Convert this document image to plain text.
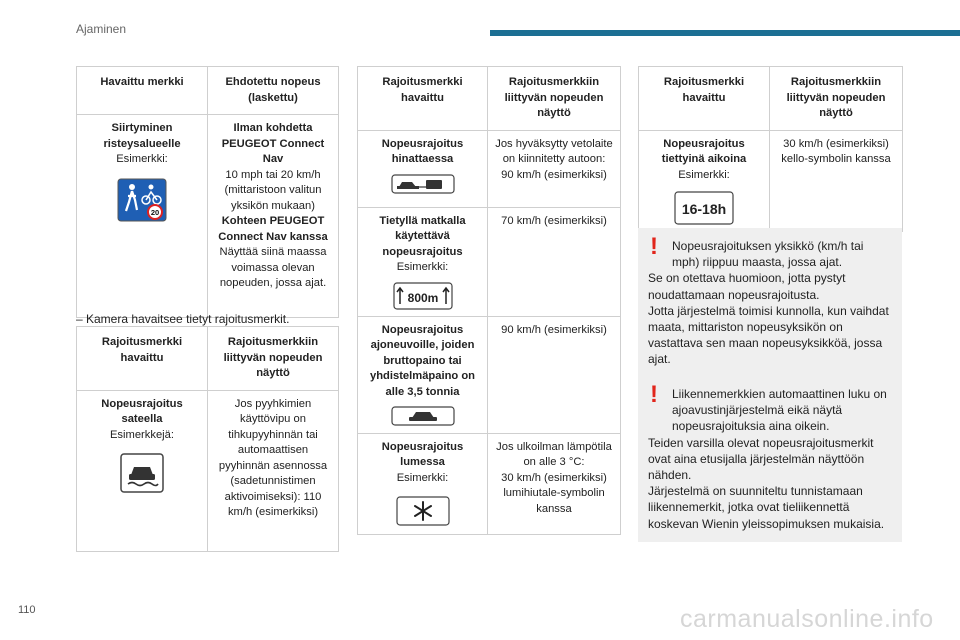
Ajaminen
Havaittu merkki	Ehdotettu nopeus (laskettu)

Siirtyminen risteysalueelle
Esimerkki:
20	Ilman kohdetta PEUGEOT Connect Nav
10 mph tai 20 km/h (mittaristoon valitun yksikön mukaan)
Kohteen PEUGEOT Connect Nav kanssa
Näyttää siinä maassa voimassa olevan nopeuden, jossa ajat.
– Kamera havaitsee tietyt rajoitusmerkit.
Rajoitusmerkki havaittu	Rajoitusmerkkiin liittyvän nopeuden näyttö

Nopeusrajoitus sateella
Esimerkkejä:	Jos pyyhkimien käyttövipu on tihkupyyhinnän tai automaattisen pyyhinnän asennossa (sadetunnistimen aktivoimiseksi): 110 km/h (esimerkiksi)
Rajoitusmerkki havaittu	Rajoitusmerkkiin liittyvän nopeuden näyttö

Nopeusrajoitus hinattaessa	Jos hyväksytty vetolaite on kiinnitetty autoon:
90 km/h (esimerkiksi)

Tietyllä matkalla käytettävä nopeusrajoitus
Esimerkki:
800m	70 km/h (esimerkiksi)

Nopeusrajoitus ajoneuvoille, joiden bruttopaino tai yhdistelmäpaino on alle 3,5 tonnia	90 km/h (esimerkiksi)

Nopeusrajoitus lumessa
Esimerkki:	Jos ulkoilman lämpötila on alle 3 °C:
30 km/h (esimerkiksi) lumihiutale-symbolin kanssa
Rajoitusmerkki havaittu	Rajoitusmerkkiin liittyvän nopeuden näyttö

Nopeusrajoitus tiettyinä aikoina
Esimerkki:
16-18h	30 km/h (esimerkiksi) kello-symbolin kanssa
!	Nopeusrajoituksen yksikkö (km/h tai mph) riippuu maasta, jossa ajat.
Se on otettava huomioon, jotta pystyt noudattamaan nopeusrajoitusta.
Jotta järjestelmä toimisi kunnolla, kun vaihdat maata, mittariston nopeusyksikön on vastattava sen maan nopeusyksikköä, jossa ajat.
!	Liikennemerkkien automaattinen luku on ajoavustinjärjestelmä eikä näytä nopeusrajoituksia aina oikein.
Teiden varsilla olevat nopeusrajoitusmerkit ovat aina etusijalla järjestelmän näyttöön nähden.
Järjestelmä on suunniteltu tunnistamaan liikennemerkit, jotka ovat tieliikennettä koskevan Wienin yleissopimuksen mukaisia.
110	carmanualsonline.info
